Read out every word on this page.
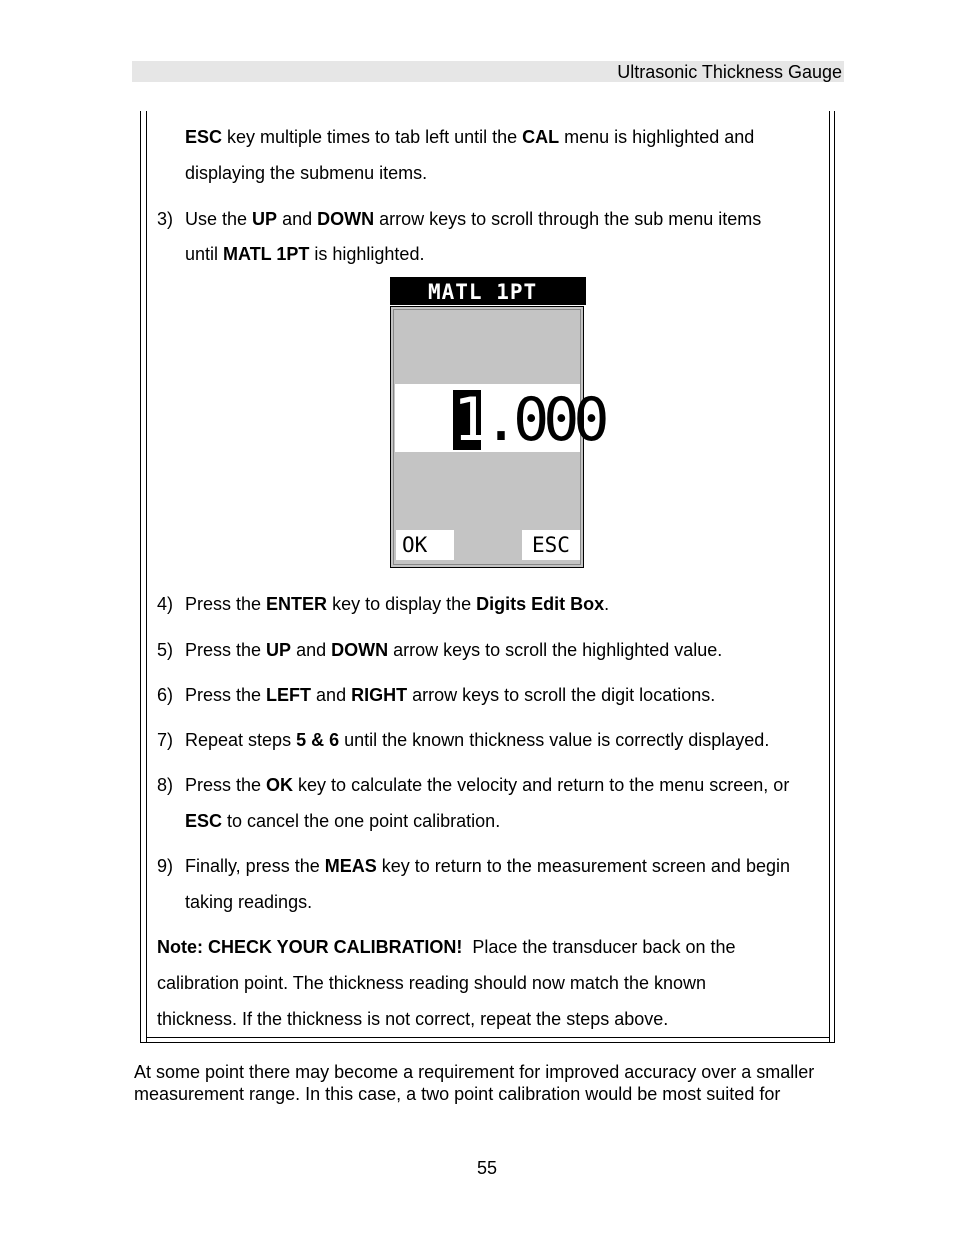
Ultrasonic Thickness Gauge
ESC key multiple times to tab left until the CAL menu is highlighted and
displaying the submenu items.
3) Use the UP and DOWN arrow keys to scroll through the sub menu items
until MATL 1PT is highlighted.
MATL 1PT
1
.000
OK	ESC
4) Press the ENTER key to display the Digits Edit Box.
5) Press the UP and DOWN arrow keys to scroll the highlighted value.
6) Press the LEFT and RIGHT arrow keys to scroll the digit locations.
7) Repeat steps 5 & 6 until the known thickness value is correctly displayed.
8) Press the OK key to calculate the velocity and return to the menu screen, or
ESC to cancel the one point calibration.
9) Finally, press the MEAS key to return to the measurement screen and begin
taking readings.
Note: CHECK YOUR CALIBRATION!  Place the transducer back on the
calibration point. The thickness reading should now match the known
thickness. If the thickness is not correct, repeat the steps above.
At some point there may become a requirement for improved accuracy over a smaller
measurement range. In this case, a two point calibration would be most suited for
55
